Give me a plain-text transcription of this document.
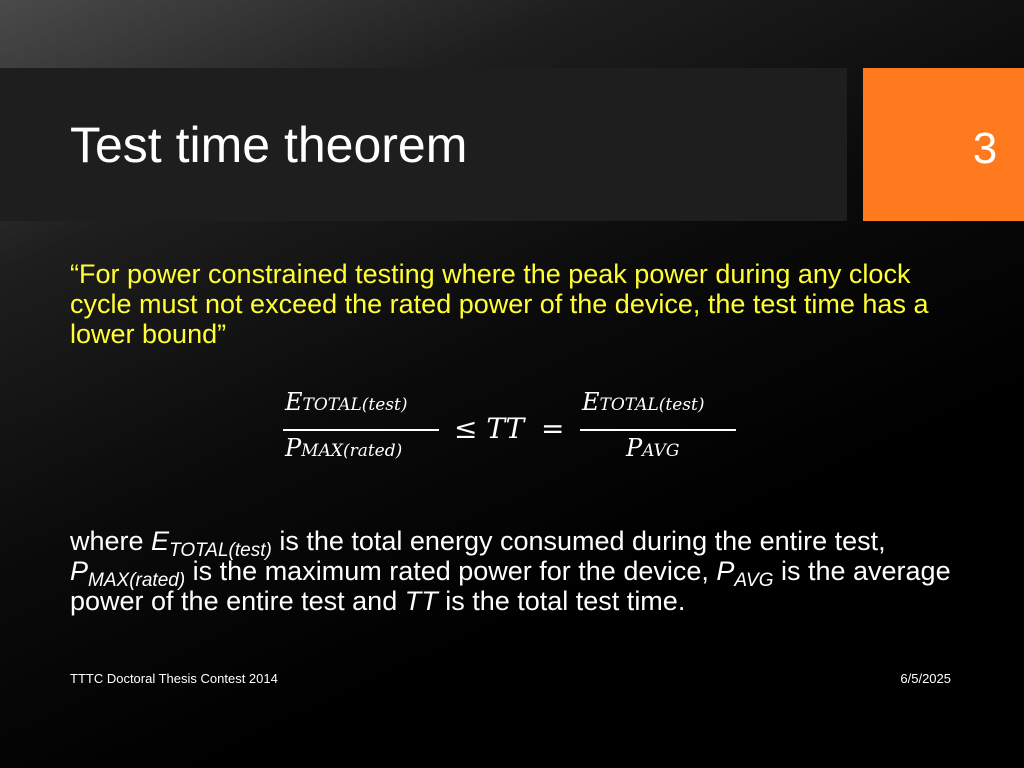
Test time theorem	3
“For power constrained testing where the peak power during any clock cycle must not exceed the rated power of the device, the test time has a lower bound”
ETOTAL(test)
PMAX(rated)
≤ TT =
ETOTAL(test)
PAVG
where $E_{TOTAL(test)}$ is the total energy consumed during the entire test, $P_{MAX(rated)}$ is the maximum rated power for the device, $P_{AVG}$ is the average power of the entire test and TT is the total test time.
TTTC Doctoral Thesis Contest 2014	6/5/2025
